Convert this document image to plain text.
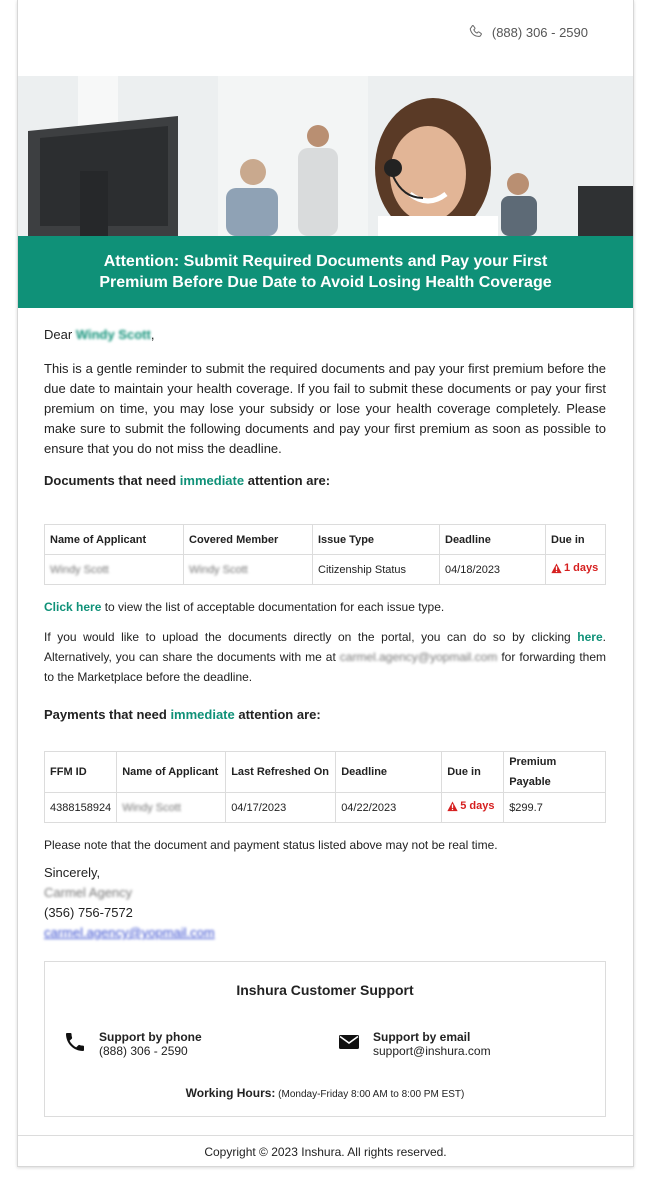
(888) 306 - 2590
Attention: Submit Required Documents and Pay your First
Premium Before Due Date to Avoid Losing Health Coverage
Dear Windy Scott,
This is a gentle reminder to submit the required documents and pay your first premium before the due date to maintain your health coverage. If you fail to submit these documents or pay your first premium on time, you may lose your subsidy or lose your health coverage completely. Please make sure to submit the following documents and pay your first premium as soon as possible to ensure that you do not miss the deadline.
Documents that need immediate attention are:
Name of Applicant	Covered Member	Issue Type	Deadline	Due in
Windy Scott	Windy Scott	Citizenship Status	04/18/2023	1 days
Click here to view the list of acceptable documentation for each issue type.
If you would like to upload the documents directly on the portal, you can do so by clicking here. Alternatively, you can share the documents with me at carmel.agency@yopmail.com for forwarding them to the Marketplace before the deadline.
Payments that need immediate attention are:
FFM ID	Name of Applicant	Last Refreshed On	Deadline	Due in	Premium Payable
4388158924	Windy Scott	04/17/2023	04/22/2023	5 days	$299.7
Please note that the document and payment status listed above may not be real time.
Sincerely,
Carmel Agency
(356) 756-7572
carmel.agency@yopmail.com
Inshura Customer Support
Support by phone
(888) 306 - 2590
Support by email
support@inshura.com
Working Hours: (Monday-Friday 8:00 AM to 8:00 PM EST)
Copyright © 2023 Inshura. All rights reserved.
